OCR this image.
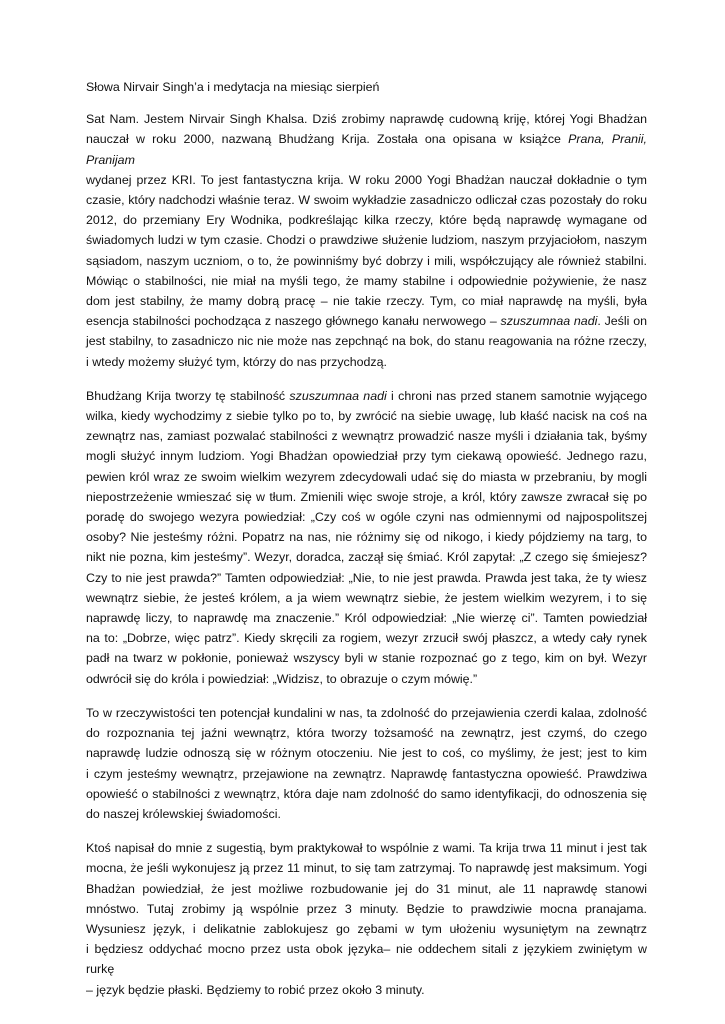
Słowa Nirvair Singh’a i medytacja na miesiąc sierpień

Sat Nam. Jestem Nirvair Singh Khalsa. Dziś zrobimy naprawdę cudowną kriję, której Yogi Bhadżan
nauczał w roku 2000, nazwaną Bhudżang Krija. Została ona opisana w książce Prana, Pranii, Pranijam
wydanej przez KRI. To jest fantastyczna krija. W roku 2000 Yogi Bhadżan nauczał dokładnie o tym
czasie, który nadchodzi właśnie teraz. W swoim wykładzie zasadniczo odliczał czas pozostały do roku
2012, do przemiany Ery Wodnika, podkreślając kilka rzeczy, które będą naprawdę wymagane od
świadomych ludzi w tym czasie. Chodzi o prawdziwe służenie ludziom, naszym przyjaciołom, naszym
sąsiadom, naszym uczniom, o to, że powinniśmy być dobrzy i mili, współczujący ale również stabilni.
Mówiąc o stabilności, nie miał na myśli tego, że mamy stabilne i odpowiednie pożywienie, że nasz
dom jest stabilny, że mamy dobrą pracę – nie takie rzeczy. Tym, co miał naprawdę na myśli, była
esencja stabilności pochodząca z naszego głównego kanału nerwowego – szuszumnaa nadi. Jeśli on
jest stabilny, to zasadniczo nic nie może nas zepchnąć na bok, do stanu reagowania na różne rzeczy,
i wtedy możemy służyć tym, którzy do nas przychodzą.
Bhudżang Krija tworzy tę stabilność szuszumnaa nadi i chroni nas przed stanem samotnie wyjącego
wilka, kiedy wychodzimy z siebie tylko po to, by zwrócić na siebie uwagę, lub kłaść nacisk na coś na
zewnątrz nas, zamiast pozwalać stabilności z wewnątrz prowadzić nasze myśli i działania tak, byśmy
mogli służyć innym ludziom. Yogi Bhadżan opowiedział przy tym ciekawą opowieść. Jednego razu,
pewien król wraz ze swoim wielkim wezyrem zdecydowali udać się do miasta w przebraniu, by mogli
niepostrzeżenie wmieszać się w tłum. Zmienili więc swoje stroje, a król, który zawsze zwracał się po
poradę do swojego wezyra powiedział: „Czy coś w ogóle czyni nas odmiennymi od najpospolitszej
osoby? Nie jesteśmy różni. Popatrz na nas, nie różnimy się od nikogo, i kiedy pójdziemy na targ, to
nikt nie pozna, kim jesteśmy”. Wezyr, doradca, zaczął się śmiać. Król zapytał: „Z czego się śmiejesz?
Czy to nie jest prawda?” Tamten odpowiedział: „Nie, to nie jest prawda. Prawda jest taka, że ty wiesz
wewnątrz siebie, że jesteś królem, a ja wiem wewnątrz siebie, że jestem wielkim wezyrem, i to się
naprawdę liczy, to naprawdę ma znaczenie.” Król odpowiedział: „Nie wierzę ci”. Tamten powiedział
na to: „Dobrze, więc patrz”. Kiedy skręcili za rogiem, wezyr zrzucił swój płaszcz, a wtedy cały rynek
padł na twarz w pokłonie, ponieważ wszyscy byli w stanie rozpoznać go z tego, kim on był. Wezyr
odwrócił się do króla i powiedział: „Widzisz, to obrazuje o czym mówię.”
To w rzeczywistości ten potencjał kundalini w nas, ta zdolność do przejawienia czerdi kalaa, zdolność
do rozpoznania tej jaźni wewnątrz, która tworzy tożsamość na zewnątrz, jest czymś, do czego
naprawdę ludzie odnoszą się w różnym otoczeniu. Nie jest to coś, co myślimy, że jest; jest to kim
i czym jesteśmy wewnątrz, przejawione na zewnątrz. Naprawdę fantastyczna opowieść. Prawdziwa
opowieść o stabilności z wewnątrz, która daje nam zdolność do samo identyfikacji, do odnoszenia się
do naszej królewskiej świadomości.
Ktoś napisał do mnie z sugestią, bym praktykował to wspólnie z wami. Ta krija trwa 11 minut i jest tak
mocna, że jeśli wykonujesz ją przez 11 minut, to się tam zatrzymaj. To naprawdę jest maksimum. Yogi
Bhadżan powiedział, że jest możliwe rozbudowanie jej do 31 minut, ale 11 naprawdę stanowi
mnóstwo. Tutaj zrobimy ją wspólnie przez 3 minuty. Będzie to prawdziwie mocna pranajama.
Wysuniesz język, i delikatnie zablokujesz go zębami w tym ułożeniu wysuniętym na zewnątrz
i będziesz oddychać mocno przez usta obok języka– nie oddechem sitali z językiem zwiniętym w rurkę
– język będzie płaski. Będziemy to robić przez około 3 minuty.
